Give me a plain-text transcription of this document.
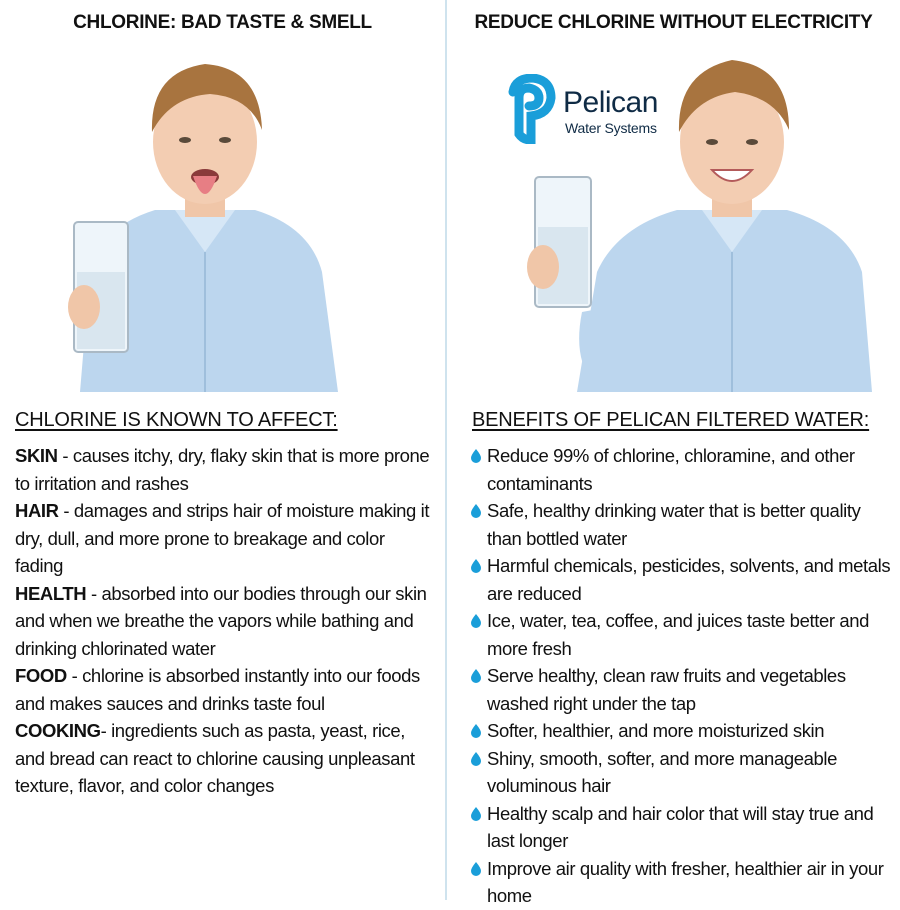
CHLORINE: BAD TASTE & SMELL
CHLORINE IS KNOWN TO AFFECT:
SKIN - causes itchy, dry, flaky skin that is more prone to irritation and rashes
HAIR - damages and strips hair of moisture making it dry, dull, and more prone to breakage and color fading
HEALTH - absorbed into our bodies through our skin and when we breathe the vapors while bathing and drinking chlorinated water
FOOD - chlorine is absorbed instantly into our foods and makes sauces and drinks taste foul
COOKING- ingredients such as pasta, yeast, rice, and bread can react to chlorine causing unpleasant texture, flavor, and color changes
REDUCE CHLORINE WITHOUT ELECTRICITY
Pelican
Water Systems
BENEFITS OF PELICAN FILTERED WATER:
Reduce 99% of chlorine, chloramine, and other contaminants
Safe, healthy drinking water that is better quality than bottled water
Harmful chemicals, pesticides, solvents, and metals are reduced
Ice, water, tea, coffee, and juices taste better and more fresh
Serve healthy, clean raw fruits and vegetables washed right under the tap
Softer, healthier, and more moisturized skin
Shiny, smooth, softer, and more manageable voluminous hair
Healthy scalp and hair color that will stay true and last longer
Improve air quality with fresher, healthier air in your home
